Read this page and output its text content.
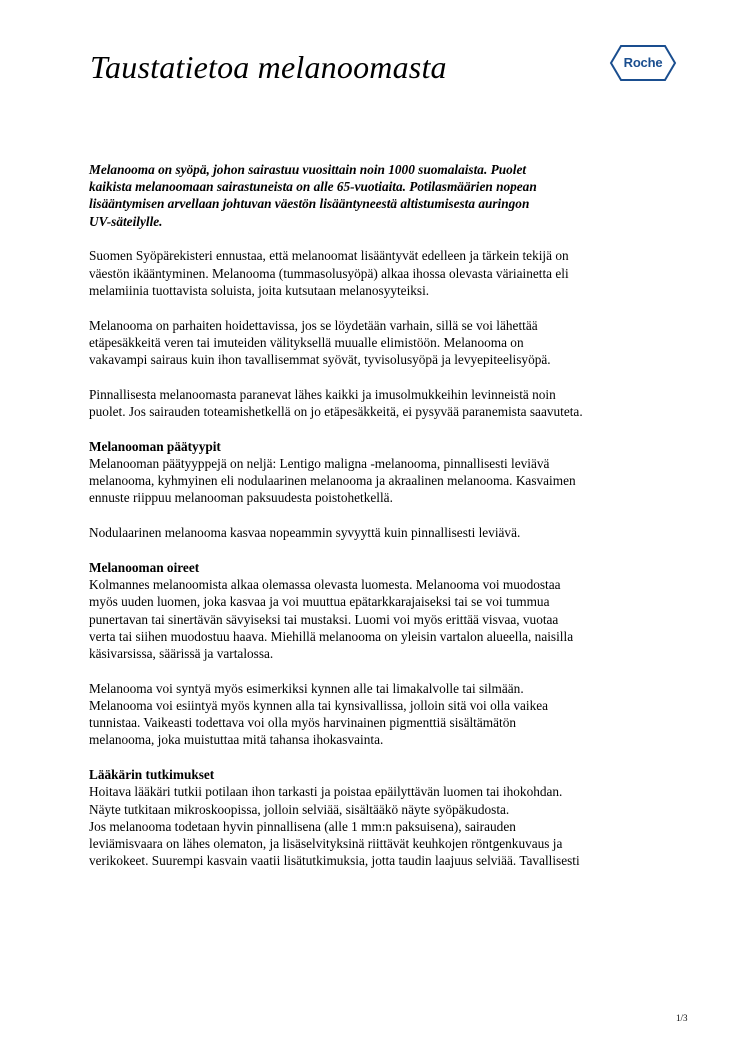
Taustatietoa melanoomasta	Roche

Melanooma on syöpä, johon sairastuu vuosittain noin 1000 suomalaista. Puolet
kaikista melanoomaan sairastuneista on alle 65-vuotiaita. Potilasmäärien nopean
lisääntymisen arvellaan johtuvan väestön lisääntyneestä altistumisesta auringon
UV-säteilylle.

Suomen Syöpärekisteri ennustaa, että melanoomat lisääntyvät edelleen ja tärkein tekijä on
väestön ikääntyminen. Melanooma (tummasolusyöpä) alkaa ihossa olevasta väriainetta eli
melamiinia tuottavista soluista, joita kutsutaan melanosyyteiksi.

Melanooma on parhaiten hoidettavissa, jos se löydetään varhain, sillä se voi lähettää
etäpesäkkeitä veren tai imuteiden välityksellä muualle elimistöön. Melanooma on
vakavampi sairaus kuin ihon tavallisemmat syövät, tyvisolusyöpä ja levyepiteelisyöpä.

Pinnallisesta melanoomasta paranevat lähes kaikki ja imusolmukkeihin levinneistä noin
puolet. Jos sairauden toteamishetkellä on jo etäpesäkkeitä, ei pysyvää paranemista saavuteta.

Melanooman päätyypit

Melanooman päätyyppejä on neljä: Lentigo maligna -melanooma, pinnallisesti leviävä
melanooma, kyhmyinen eli nodulaarinen melanooma ja akraalinen melanooma. Kasvaimen
ennuste riippuu melanooman paksuudesta poistohetkellä.

Nodulaarinen melanooma kasvaa nopeammin syvyyttä kuin pinnallisesti leviävä.

Melanooman oireet

Kolmannes melanoomista alkaa olemassa olevasta luomesta. Melanooma voi muodostaa
myös uuden luomen, joka kasvaa ja voi muuttua epätarkkarajaiseksi tai se voi tummua
punertavan tai sinertävän sävyiseksi tai mustaksi. Luomi voi myös erittää visvaa, vuotaa
verta tai siihen muodostuu haava. Miehillä melanooma on yleisin vartalon alueella, naisilla
käsivarsissa, säärissä ja vartalossa.

Melanooma voi syntyä myös esimerkiksi kynnen alle tai limakalvolle tai silmään.
Melanooma voi esiintyä myös kynnen alla tai kynsivallissa, jolloin sitä voi olla vaikea
tunnistaa. Vaikeasti todettava voi olla myös harvinainen pigmenttiä sisältämätön
melanooma, joka muistuttaa mitä tahansa ihokasvainta.

Lääkärin tutkimukset

Hoitava lääkäri tutkii potilaan ihon tarkasti ja poistaa epäilyttävän luomen tai ihokohdan.
Näyte tutkitaan mikroskoopissa, jolloin selviää, sisältääkö näyte syöpäkudosta.
Jos melanooma todetaan hyvin pinnallisena (alle 1 mm:n paksuisena), sairauden
leviämisvaara on lähes olematon, ja lisäselvityksinä riittävät keuhkojen röntgenkuvaus ja
verikokeet. Suurempi kasvain vaatii lisätutkimuksia, jotta taudin laajuus selviää. Tavallisesti

1/3
